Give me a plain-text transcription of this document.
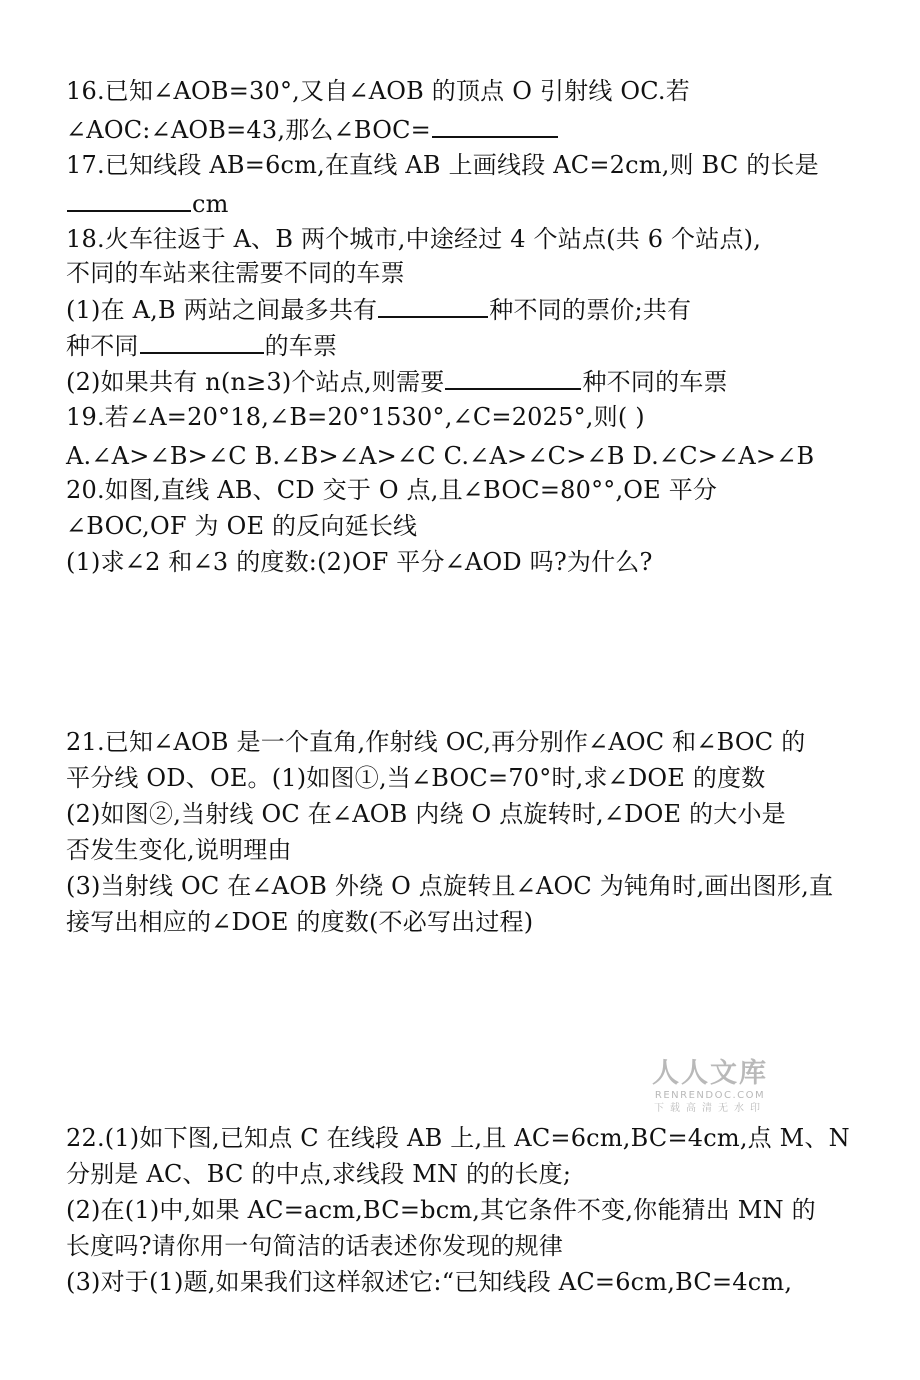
16.已知∠AOB=30°,又自∠AOB 的顶点 O 引射线 OC.若
∠AOC:∠AOB=43,那么∠BOC=
17.已知线段 AB=6cm,在直线 AB 上画线段 AC=2cm,则 BC 的长是
cm
18.火车往返于 A、B 两个城市,中途经过 4 个站点(共 6 个站点),
不同的车站来往需要不同的车票
(1)在 A,B 两站之间最多共有	种不同的票价;共有
种不同	的车票
(2)如果共有 n(n≥3)个站点,则需要	种不同的车票
19.若∠A=20°18,∠B=20°1530°,∠C=2025°,则( )
A.∠A>∠B>∠C B.∠B>∠A>∠C C.∠A>∠C>∠B D.∠C>∠A>∠B
20.如图,直线 AB、CD 交于 O 点,且∠BOC=80°°,OE 平分
∠BOC,OF 为 OE 的反向延长线
(1)求∠2 和∠3 的度数:(2)OF 平分∠AOD 吗?为什么?
21.已知∠AOB 是一个直角,作射线 OC,再分别作∠AOC 和∠BOC 的
平分线 OD、OE。(1)如图①,当∠BOC=70°时,求∠DOE 的度数
(2)如图②,当射线 OC 在∠AOB 内绕 O 点旋转时,∠DOE 的大小是
否发生变化,说明理由
(3)当射线 OC 在∠AOB 外绕 O 点旋转且∠AOC 为钝角时,画出图形,直
接写出相应的∠DOE 的度数(不必写出过程)
人人文库
RENRENDOC.COM
下载高清无水印
22.(1)如下图,已知点 C 在线段 AB 上,且 AC=6cm,BC=4cm,点 M、N
分别是 AC、BC 的中点,求线段 MN 的的长度;
(2)在(1)中,如果 AC=acm,BC=bcm,其它条件不变,你能猜出 MN 的
长度吗?请你用一句简洁的话表述你发现的规律
(3)对于(1)题,如果我们这样叙述它:“已知线段 AC=6cm,BC=4cm,
